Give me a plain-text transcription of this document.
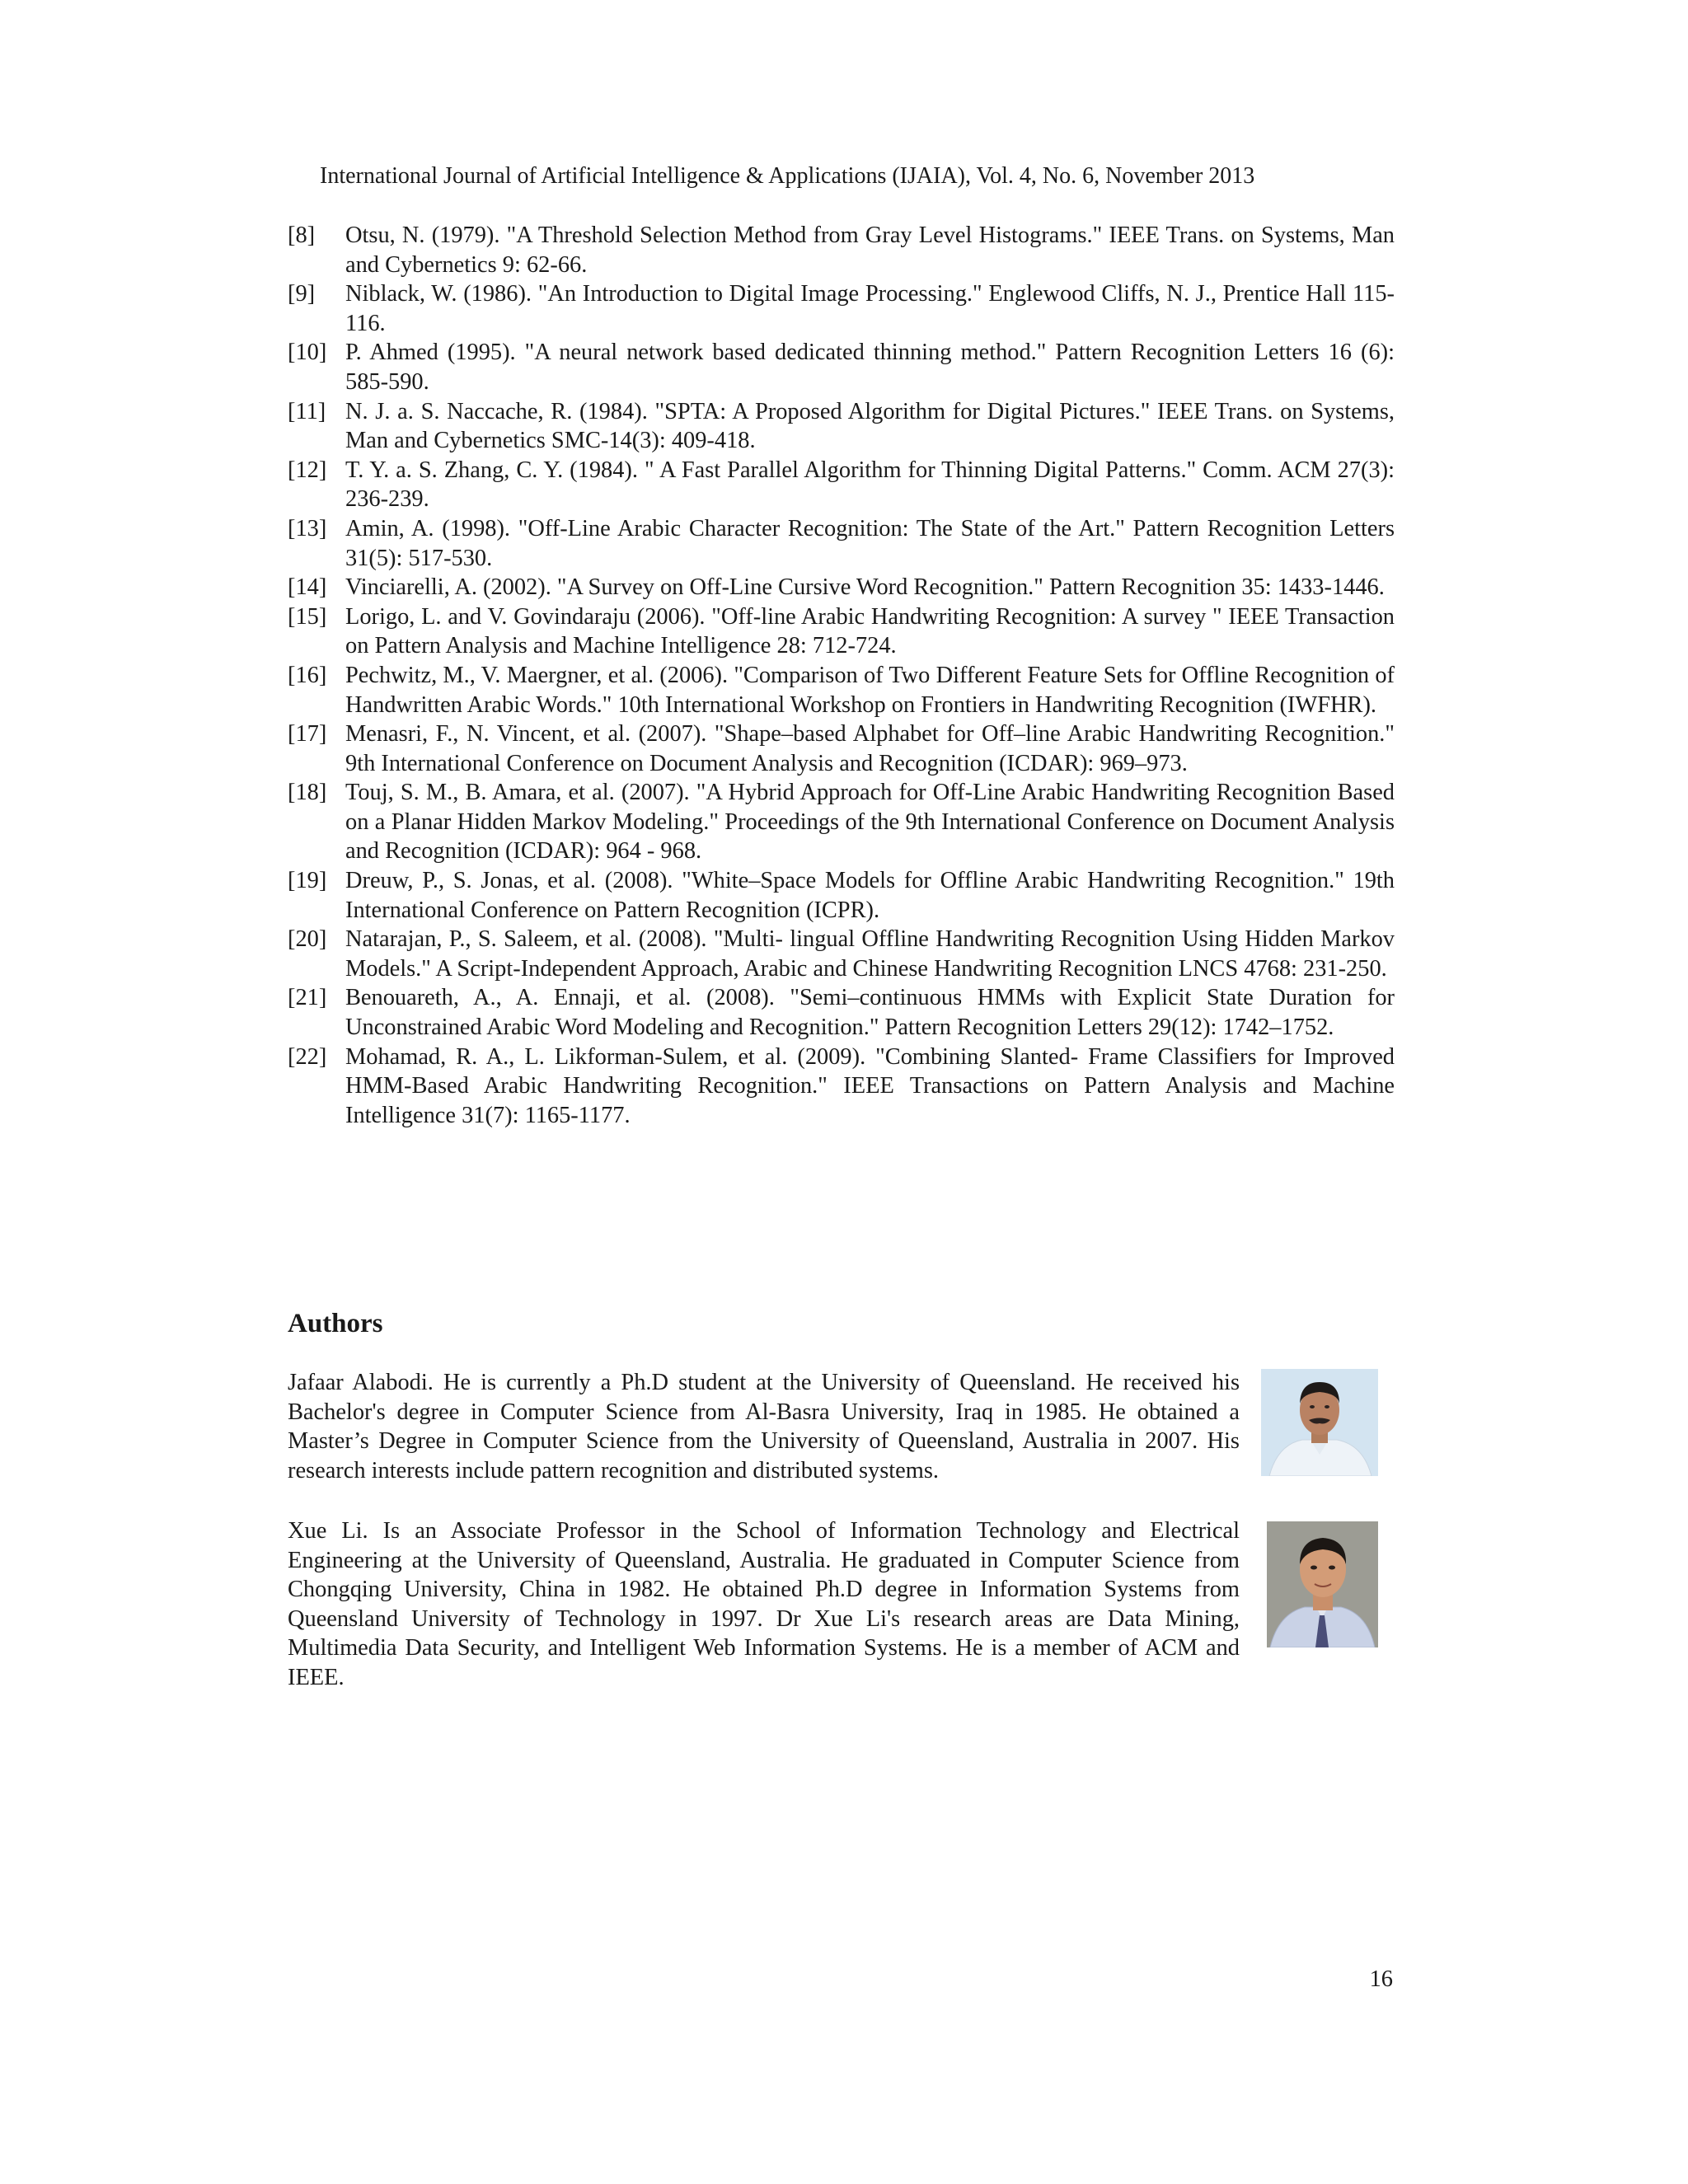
International Journal of Artificial Intelligence & Applications (IJAIA), Vol. 4, No. 6, November 2013
[8]	Otsu, N. (1979). "A Threshold Selection Method from Gray Level Histograms." IEEE Trans. on Systems, Man and Cybernetics 9: 62-66.
[9]	Niblack, W. (1986). "An Introduction to Digital Image Processing." Englewood Cliffs, N. J., Prentice Hall 115-116.
[10] P. Ahmed (1995). "A neural network based dedicated thinning method." Pattern Recognition Letters 16 (6): 585-590.
[11] N. J. a. S. Naccache, R. (1984). "SPTA: A Proposed Algorithm for Digital Pictures." IEEE Trans. on Systems, Man and Cybernetics SMC-14(3): 409-418.
[12] T. Y. a. S. Zhang, C. Y. (1984). " A Fast Parallel Algorithm for Thinning Digital Patterns." Comm. ACM 27(3): 236-239.
[13] Amin, A. (1998). "Off-Line Arabic Character Recognition: The State of the Art." Pattern Recognition Letters 31(5): 517-530.
[14] Vinciarelli, A. (2002). "A Survey on Off-Line Cursive Word Recognition." Pattern Recognition 35: 1433-1446.
[15] Lorigo, L. and V. Govindaraju (2006). "Off-line Arabic Handwriting Recognition: A survey " IEEE Transaction on Pattern Analysis and Machine Intelligence 28: 712-724.
[16] Pechwitz, M., V. Maergner, et al. (2006). "Comparison of Two Different Feature Sets for Offline Recognition of Handwritten Arabic Words." 10th International Workshop on Frontiers in Handwriting Recognition (IWFHR).
[17] Menasri, F., N. Vincent, et al. (2007). "Shape–based Alphabet for Off–line Arabic Handwriting Recognition." 9th International Conference on Document Analysis and Recognition (ICDAR): 969–973.
[18] Touj, S. M., B. Amara, et al. (2007). "A Hybrid Approach for Off-Line Arabic Handwriting Recognition Based on a Planar Hidden Markov Modeling." Proceedings of the 9th International Conference on Document Analysis and Recognition (ICDAR): 964 - 968.
[19] Dreuw, P., S. Jonas, et al. (2008). "White–Space Models for Offline Arabic Handwriting Recognition." 19th International Conference on Pattern Recognition (ICPR).
[20] Natarajan, P., S. Saleem, et al. (2008). "Multi- lingual Offline Handwriting Recognition Using Hidden Markov Models." A Script-Independent Approach, Arabic and Chinese Handwriting Recognition LNCS 4768: 231-250.
[21] Benouareth, A., A. Ennaji, et al. (2008). "Semi–continuous HMMs with Explicit State Duration for Unconstrained Arabic Word Modeling and Recognition." Pattern Recognition Letters 29(12): 1742–1752.
[22] Mohamad, R. A., L. Likforman-Sulem, et al. (2009). "Combining Slanted- Frame Classifiers for Improved HMM-Based Arabic Handwriting Recognition." IEEE Transactions on Pattern Analysis and Machine Intelligence 31(7): 1165-1177.
Authors

Jafaar Alabodi. He is currently a Ph.D student at the University of Queensland. He received his Bachelor's degree in Computer Science from Al-Basra University, Iraq in 1985. He obtained a Master’s Degree in Computer Science from the University of Queensland, Australia in 2007. His research interests include pattern recognition and distributed systems.

Xue Li. Is an Associate Professor in the School of Information Technology and Electrical Engineering at the University of Queensland, Australia. He graduated in Computer Science from Chongqing University, China in 1982. He obtained Ph.D degree in Information Systems from Queensland University of Technology in 1997. Dr Xue Li's research areas are Data Mining, Multimedia Data Security, and Intelligent Web Information Systems. He is a member of ACM and IEEE.

16
